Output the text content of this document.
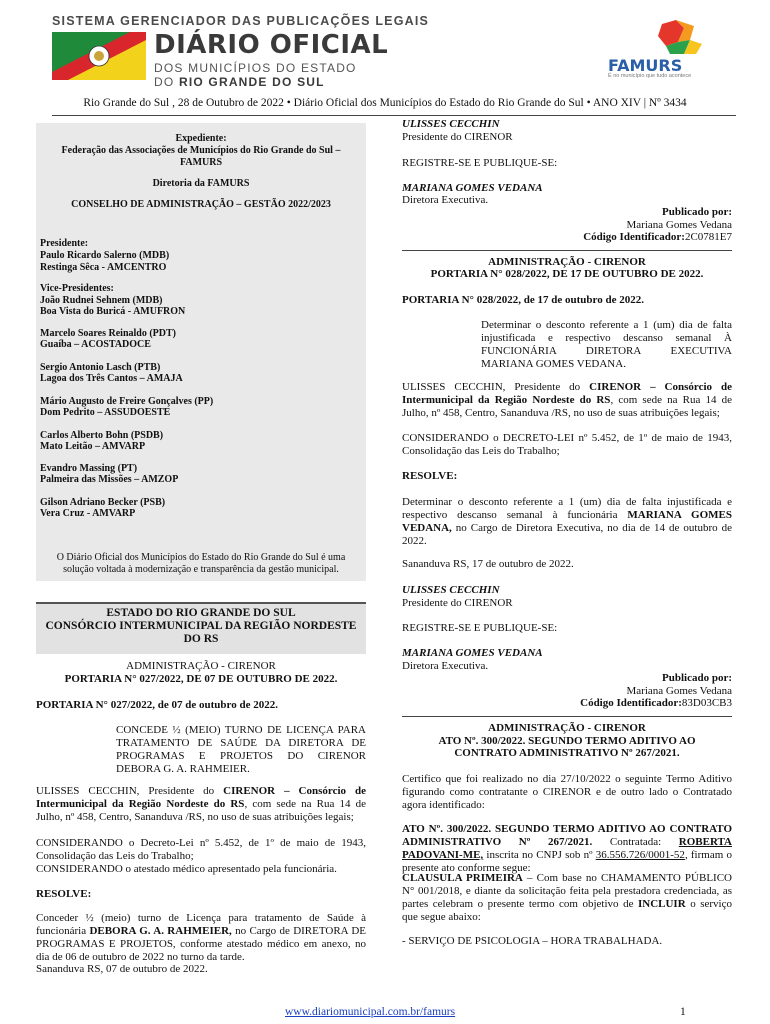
SISTEMA GERENCIADOR DAS PUBLICAÇÕES LEGAIS
DIÁRIO OFICIAL
DOS MUNICÍPIOS DO ESTADO
DO RIO GRANDE DO SUL
FAMURS
É no município que tudo acontece
Rio Grande do Sul , 28 de Outubro de 2022 • Diário Oficial dos Municípios do Estado do Rio Grande do Sul • ANO XIV | Nº 3434
Expediente:
Federação das Associações de Municípios do Rio Grande do Sul – FAMURS
Diretoria da FAMURS
CONSELHO DE ADMINISTRAÇÃO – GESTÃO 2022/2023
Presidente:
Paulo Ricardo Salerno (MDB)
Restinga Sêca - AMCENTRO
Vice-Presidentes:
João Rudnei Sehnem (MDB)
Boa Vista do Buricá - AMUFRON
Marcelo Soares Reinaldo (PDT)
Guaíba – ACOSTADOCE
Sergio Antonio Lasch (PTB)
Lagoa dos Três Cantos – AMAJA
Mário Augusto de Freire Gonçalves (PP)
Dom Pedrito – ASSUDOESTE
Carlos Alberto Bohn (PSDB)
Mato Leitão – AMVARP
Evandro Massing (PT)
Palmeira das Missões – AMZOP
Gilson Adriano Becker (PSB)
Vera Cruz - AMVARP
O Diário Oficial dos Municípios do Estado do Rio Grande do Sul é uma solução voltada à modernização e transparência da gestão municipal.
ESTADO DO RIO GRANDE DO SUL
CONSÓRCIO INTERMUNICIPAL DA REGIÃO NORDESTE DO RS
ADMINISTRAÇÃO - CIRENOR
PORTARIA N° 027/2022, DE 07 DE OUTUBRO DE 2022.
PORTARIA N° 027/2022, de 07 de outubro de 2022.
CONCEDE ½ (MEIO) TURNO DE LICENÇA PARA TRATAMENTO DE SAÚDE DA DIRETORA DE PROGRAMAS E PROJETOS DO CIRENOR DEBORA G. A. RAHMEIER.
ULISSES CECCHIN, Presidente do CIRENOR – Consórcio de Intermunicipal da Região Nordeste do RS, com sede na Rua 14 de Julho, nº 458, Centro, Sananduva /RS, no uso de suas atribuições legais;
CONSIDERANDO o Decreto-Lei nº 5.452, de 1º de maio de 1943, Consolidação das Leis do Trabalho;
CONSIDERANDO o atestado médico apresentado pela funcionária.
RESOLVE:
Conceder ½ (meio) turno de Licença para tratamento de Saúde à funcionária DEBORA G. A. RAHMEIER, no Cargo de DIRETORA DE PROGRAMAS E PROJETOS, conforme atestado médico em anexo, no dia de 06 de outubro de 2022 no turno da tarde.
Sananduva RS, 07 de outubro de 2022.
ULISSES CECCHIN
Presidente do CIRENOR
REGISTRE-SE E PUBLIQUE-SE:
MARIANA GOMES VEDANA
Diretora Executiva.
Publicado por:
Mariana Gomes Vedana
Código Identificador:2C0781E7
ADMINISTRAÇÃO - CIRENOR
PORTARIA N° 028/2022, DE 17 DE OUTUBRO DE 2022.
PORTARIA N° 028/2022, de 17 de outubro de 2022.
Determinar o desconto referente a 1 (um) dia de falta injustificada e respectivo descanso semanal À FUNCIONÁRIA DIRETORA EXECUTIVA MARIANA GOMES VEDANA.
ULISSES CECCHIN, Presidente do CIRENOR – Consórcio de Intermunicipal da Região Nordeste do RS, com sede na Rua 14 de Julho, nº 458, Centro, Sananduva /RS, no uso de suas atribuições legais;
CONSIDERANDO o DECRETO-LEI nº 5.452, de 1º de maio de 1943, Consolidação das Leis do Trabalho;
RESOLVE:
Determinar o desconto referente a 1 (um) dia de falta injustificada e respectivo descanso semanal à funcionária MARIANA GOMES VEDANA, no Cargo de Diretora Executiva, no dia de 14 de outubro de 2022.
Sananduva RS, 17 de outubro de 2022.
ULISSES CECCHIN
Presidente do CIRENOR
REGISTRE-SE E PUBLIQUE-SE:
MARIANA GOMES VEDANA
Diretora Executiva.
Publicado por:
Mariana Gomes Vedana
Código Identificador:83D03CB3
ADMINISTRAÇÃO - CIRENOR
ATO Nº. 300/2022. SEGUNDO TERMO ADITIVO AO
CONTRATO ADMINISTRATIVO Nº 267/2021.
Certifico que foi realizado no dia 27/10/2022 o seguinte Termo Aditivo figurando como contratante o CIRENOR e de outro lado o Contratado agora identificado:
ATO Nº. 300/2022. SEGUNDO TERMO ADITIVO AO CONTRATO ADMINISTRATIVO Nº 267/2021. Contratada: ROBERTA PADOVANI-ME, inscrita no CNPJ sob nº 36.556.726/0001-52, firmam o presente ato conforme segue:
CLAUSULA PRIMEIRA – Com base no CHAMAMENTO PÚBLICO N° 001/2018, e diante da solicitação feita pela prestadora credenciada, as partes celebram o presente termo com objetivo de INCLUIR o serviço que segue abaixo:
- SERVIÇO DE PSICOLOGIA – HORA TRABALHADA.
www.diariomunicipal.com.br/famurs	1
